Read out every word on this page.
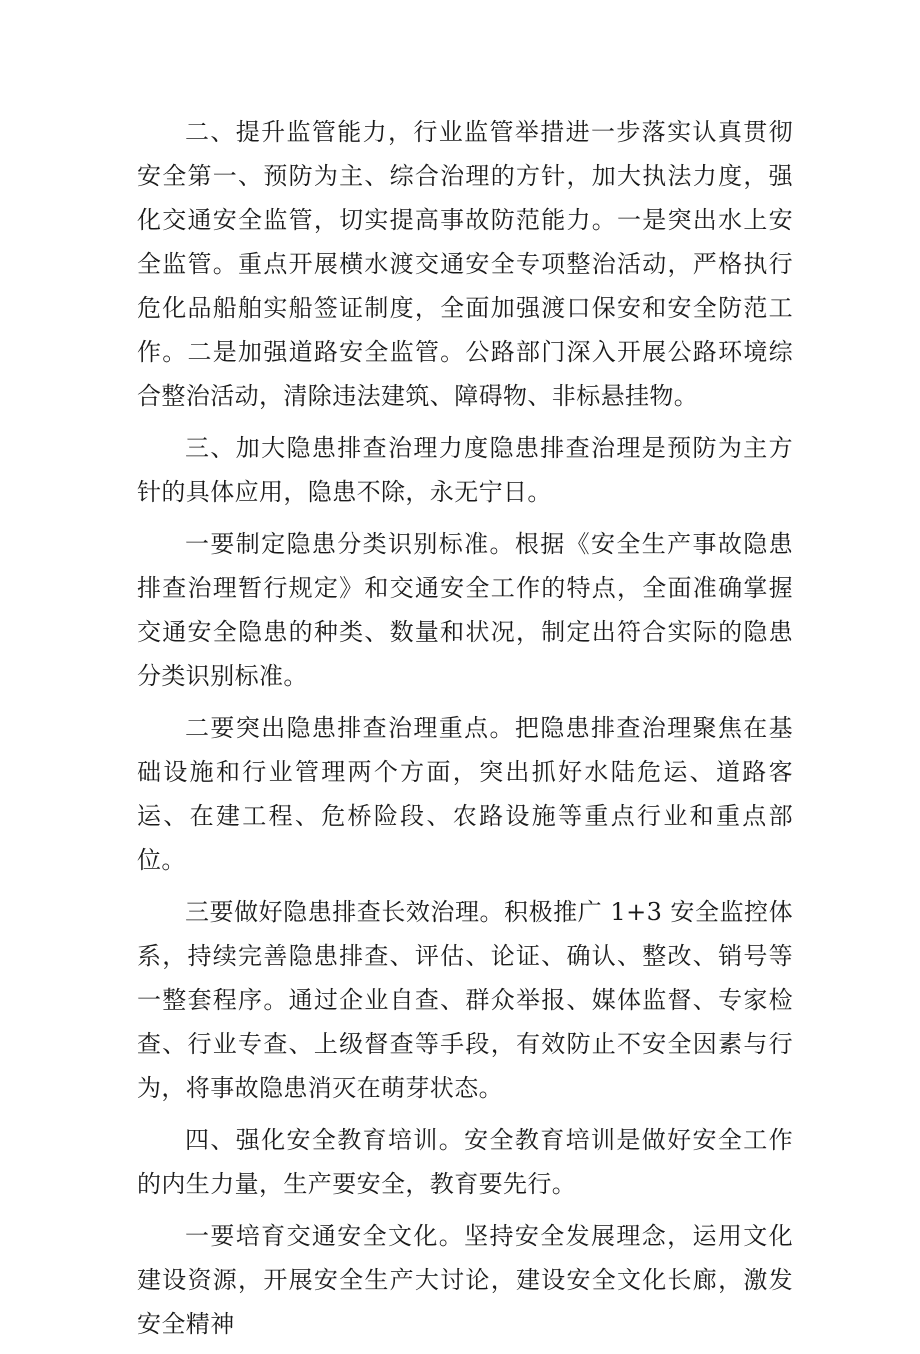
二、提升监管能力，行业监管举措进一步落实认真贯彻安全第一、预防为主、综合治理的方针，加大执法力度，强化交通安全监管，切实提高事故防范能力。一是突出水上安全监管。重点开展横水渡交通安全专项整治活动，严格执行危化品船舶实船签证制度，全面加强渡口保安和安全防范工作。二是加强道路安全监管。公路部门深入开展公路环境综合整治活动，清除违法建筑、障碍物、非标悬挂物。

三、加大隐患排查治理力度隐患排查治理是预防为主方针的具体应用，隐患不除，永无宁日。

一要制定隐患分类识别标准。根据《安全生产事故隐患排查治理暂行规定》和交通安全工作的特点，全面准确掌握交通安全隐患的种类、数量和状况，制定出符合实际的隐患分类识别标准。

二要突出隐患排查治理重点。把隐患排查治理聚焦在基础设施和行业管理两个方面，突出抓好水陆危运、道路客运、在建工程、危桥险段、农路设施等重点行业和重点部位。

三要做好隐患排查长效治理。积极推广 1+3 安全监控体系，持续完善隐患排查、评估、论证、确认、整改、销号等一整套程序。通过企业自查、群众举报、媒体监督、专家检查、行业专查、上级督查等手段，有效防止不安全因素与行为，将事故隐患消灭在萌芽状态。

四、强化安全教育培训。安全教育培训是做好安全工作的内生力量，生产要安全，教育要先行。

一要培育交通安全文化。坚持安全发展理念，运用文化建设资源，开展安全生产大讨论，建设安全文化长廊，激发安全精神
